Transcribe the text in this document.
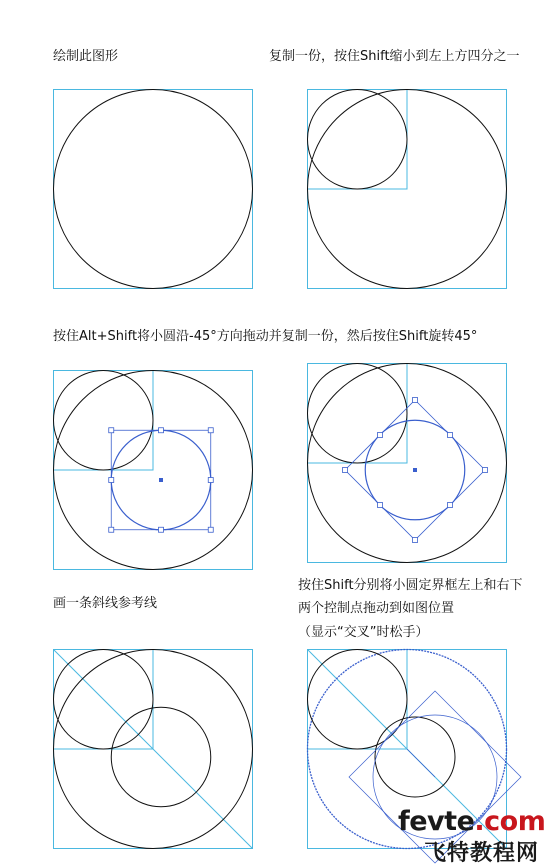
绘制此图形	复制一份，按住Shift缩小到左上方四分之一
按住Alt+Shift将小圆沿-45°方向拖动并复制一份，然后按住Shift旋转45°
画一条斜线参考线
按住Shift分别将小圆定界框左上和右下
两个控制点拖动到如图位置
（显示“交叉”时松手）
fevte.com
飞特教程网
